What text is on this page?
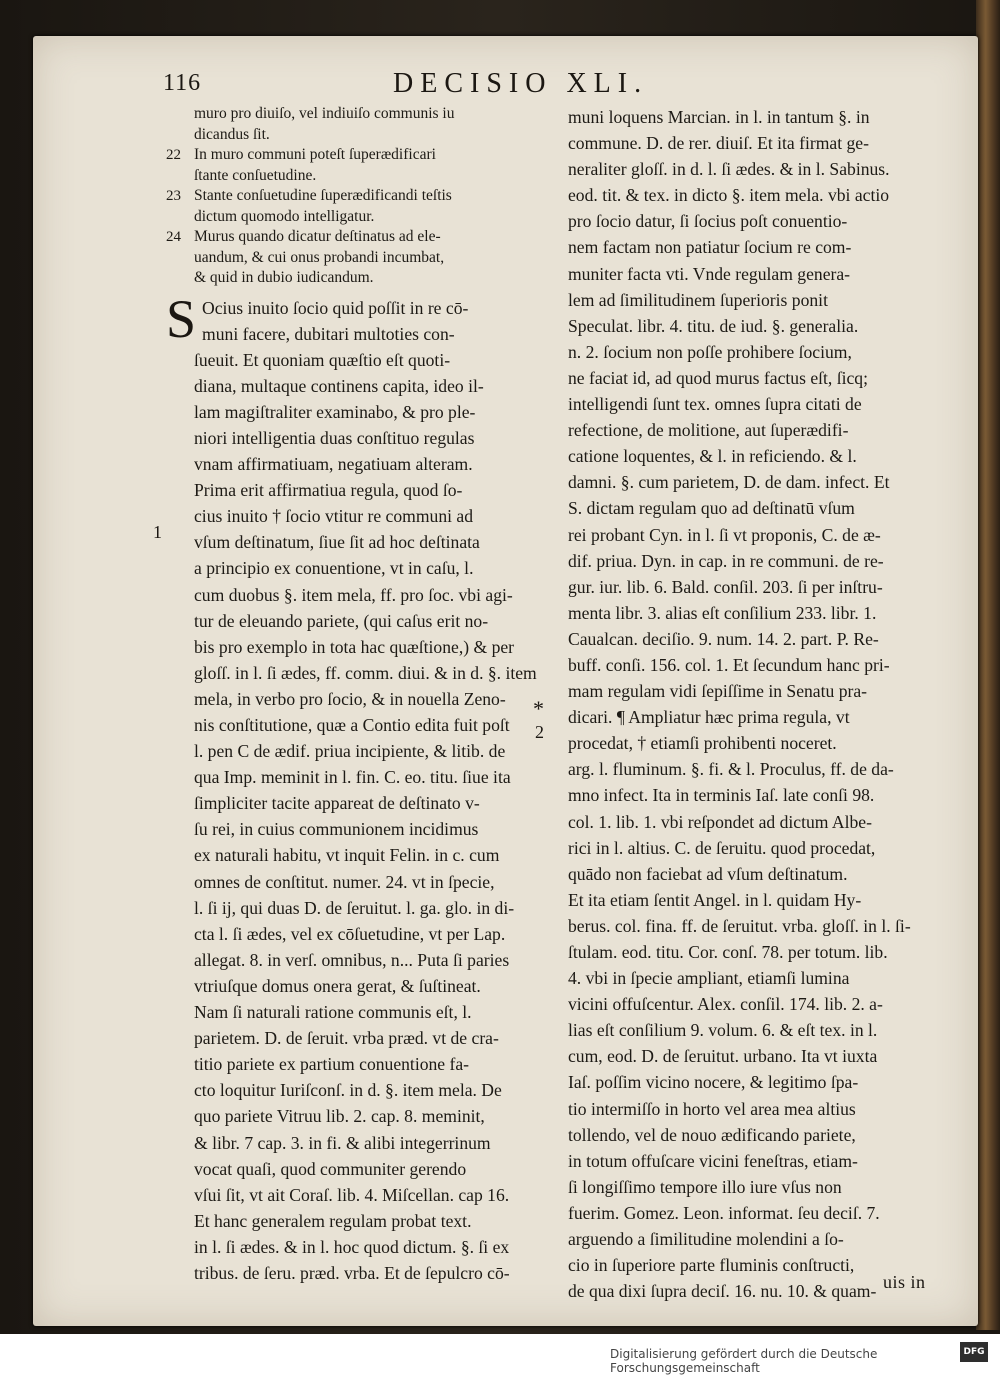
116	DECISIO XLI.
muro pro diuiſo, vel indiuiſo communis iu
dicandus ſit.
22 In muro communi poteſt ſuperædificari
ſtante conſuetudine.
23 Stante conſuetudine ſuperædificandi teſtis
dictum quomodo intelligatur.
24 Murus quando dicatur deſtinatus ad ele-
uandum, & cui onus probandi incumbat,
& quid in dubio iudicandum.
S Ocius inuito ſocio quid poſſit in re cō-
muni facere, dubitari multoties con-
ſueuit. Et quoniam quæſtio eſt quoti-
diana, multaque continens capita, ideo il-
lam magiſtraliter examinabo, & pro ple-
niori intelligentia duas conſtituo regulas
vnam affirmatiuam, negatiuam alteram.
Prima erit affirmatiua regula, quod ſo-
cius inuito † ſocio vtitur re communi ad
vſum deſtinatum, ſiue ſit ad hoc deſtinata
a principio ex conuentione, vt in caſu, l.
cum duobus §. item mela, ff. pro ſoc. vbi agi-
tur de eleuando pariete, (qui caſus erit no-
bis pro exemplo in tota hac quæſtione,) & per
gloſſ. in l. ſi ædes, ff. comm. diui. & in d. §. item
mela, in verbo pro ſocio, & in nouella Zeno-
nis conſtitutione, quæ a Contio edita fuit poſt
l. pen C de ædif. priua incipiente, & litib. de
qua Imp. meminit in l. fin. C. eo. titu. ſiue ita
ſimpliciter tacite appareat de deſtinato v-
ſu rei, in cuius communionem incidimus
ex naturali habitu, vt inquit Felin. in c. cum
omnes de conſtitut. numer. 24. vt in ſpecie,
l. ſi ij, qui duas D. de ſeruitut. l. ga. glo. in di-
cta l. ſi ædes, vel ex cōſuetudine, vt per Lap.
allegat. 8. in verſ. omnibus, n... Puta ſi paries
vtriuſque domus onera gerat, & ſuſtineat.
Nam ſi naturali ratione communis eſt, l.
parietem. D. de ſeruit. vrba præd. vt de cra-
titio pariete ex partium conuentione fa-
cto loquitur Iuriſconſ. in d. §. item mela. De
quo pariete Vitruu lib. 2. cap. 8. meminit,
& libr. 7 cap. 3. in fi. & alibi integerrinum
vocat quaſi, quod communiter gerendo
vſui ſit, vt ait Coraſ. lib. 4. Miſcellan. cap 16.
Et hanc generalem regulam probat text.
in l. ſi ædes. & in l. hoc quod dictum. §. ſi ex
tribus. de ſeru. præd. vrba. Et de ſepulcro cō-
muni loquens Marcian. in l. in tantum §. in
commune. D. de rer. diuiſ. Et ita firmat ge-
neraliter gloſſ. in d. l. ſi ædes. & in l. Sabinus.
eod. tit. & tex. in dicto §. item mela. vbi actio
pro ſocio datur, ſi ſocius poſt conuentio-
nem factam non patiatur ſocium re com-
muniter facta vti. Vnde regulam genera-
lem ad ſimilitudinem ſuperioris ponit
Speculat. libr. 4. titu. de iud. §. generalia.
n. 2. ſocium non poſſe prohibere ſocium,
ne faciat id, ad quod murus factus eſt, ſicq;
intelligendi ſunt tex. omnes ſupra citati de
refectione, de molitione, aut ſuperædifi-
catione loquentes, & l. in reficiendo. & l.
damni. §. cum parietem, D. de dam. infect. Et
S. dictam regulam quo ad deſtinatū vſum
rei probant Cyn. in l. ſi vt proponis, C. de æ-
dif. priua. Dyn. in cap. in re communi. de re-
gur. iur. lib. 6. Bald. conſil. 203. ſi per inſtru-
menta libr. 3. alias eſt conſilium 233. libr. 1.
Caualcan. deciſio. 9. num. 14. 2. part. P. Re-
buff. conſi. 156. col. 1. Et ſecundum hanc pri-
mam regulam vidi ſepiſſime in Senatu pra-
dicari. ¶ Ampliatur hæc prima regula, vt
procedat, † etiamſi prohibenti noceret.
arg. l. fluminum. §. fi. & l. Proculus, ff. de da-
mno infect. Ita in terminis Iaſ. late conſi 98.
col. 1. lib. 1. vbi reſpondet ad dictum Albe-
rici in l. altius. C. de ſeruitu. quod procedat,
quādo non faciebat ad vſum deſtinatum.
Et ita etiam ſentit Angel. in l. quidam Hy-
berus. col. fina. ff. de ſeruitut. vrba. gloſſ. in l. ſi-
ſtulam. eod. titu. Cor. conſ. 78. per totum. lib.
4. vbi in ſpecie ampliant, etiamſi lumina
vicini offuſcentur. Alex. conſil. 174. lib. 2. a-
lias eſt conſilium 9. volum. 6. & eſt tex. in l.
cum, eod. D. de ſeruitut. urbano. Ita vt iuxta
Iaſ. poſſim vicino nocere, & legitimo ſpa-
tio intermiſſo in horto vel area mea altius
tollendo, vel de nouo ædificando pariete,
in totum offuſcare vicini feneſtras, etiam-
ſi longiſſimo tempore illo iure vſus non
fuerim. Gomez. Leon. informat. ſeu deciſ. 7.
arguendo a ſimilitudine molendini a ſo-
cio in ſuperiore parte fluminis conſtructi,
de qua dixi ſupra deciſ. 16. nu. 10. & quam-
1
*
2
uis in
Digitalisierung gefördert durch die Deutsche Forschungsgemeinschaft
DFG
